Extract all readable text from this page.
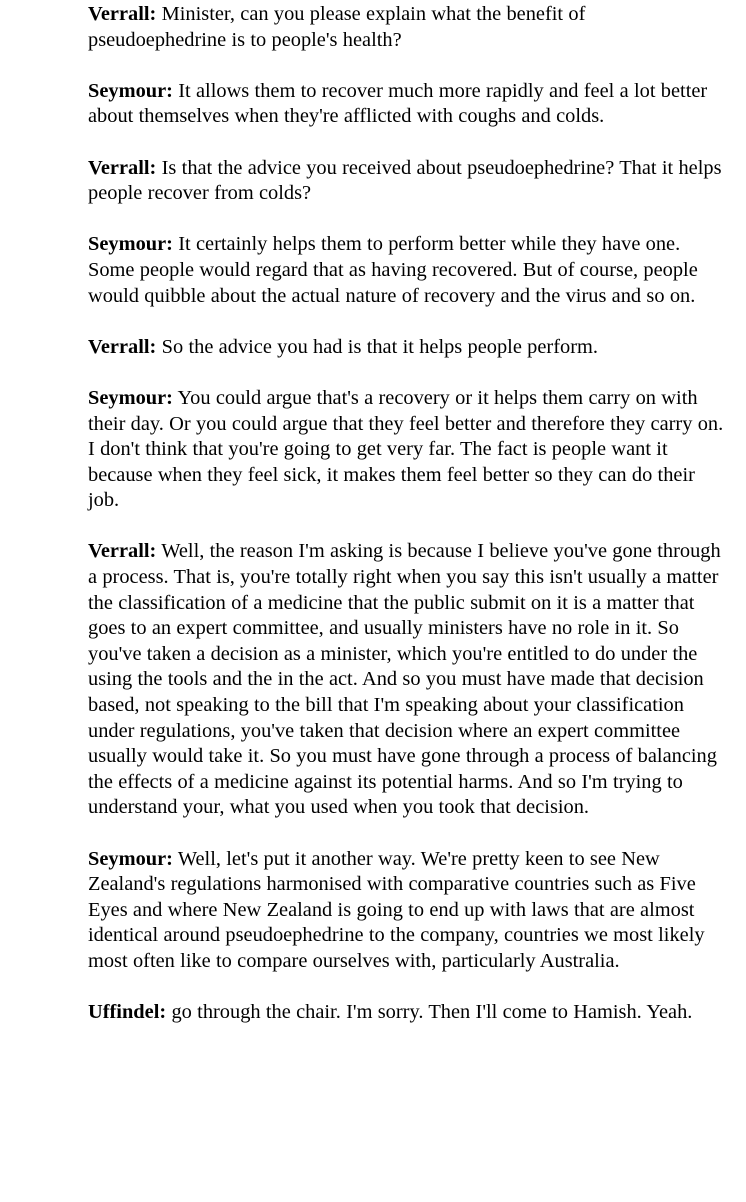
Verrall: Minister, can you please explain what the benefit of pseudoephedrine is to people's health?

Seymour: It allows them to recover much more rapidly and feel a lot better about themselves when they're afflicted with coughs and colds.

Verrall: Is that the advice you received about pseudoephedrine? That it helps people recover from colds?

Seymour: It certainly helps them to perform better while they have one. Some people would regard that as having recovered. But of course, people would quibble about the actual nature of recovery and the virus and so on.

Verrall: So the advice you had is that it helps people perform.

Seymour: You could argue that's a recovery or it helps them carry on with their day. Or you could argue that they feel better and therefore they carry on. I don't think that you're going to get very far. The fact is people want it because when they feel sick, it makes them feel better so they can do their job.

Verrall: Well, the reason I'm asking is because I believe you've gone through a process. That is, you're totally right when you say this isn't usually a matter the classification of a medicine that the public submit on it is a matter that goes to an expert committee, and usually ministers have no role in it. So you've taken a decision as a minister, which you're entitled to do under the using the tools and the in the act. And so you must have made that decision based, not speaking to the bill that I'm speaking about your classification under regulations, you've taken that decision where an expert committee usually would take it. So you must have gone through a process of balancing the effects of a medicine against its potential harms. And so I'm trying to understand your, what you used when you took that decision.

Seymour: Well, let's put it another way. We're pretty keen to see New Zealand's regulations harmonised with comparative countries such as Five Eyes and where New Zealand is going to end up with laws that are almost identical around pseudoephedrine to the company, countries we most likely most often like to compare ourselves with, particularly Australia.

Uffindel: go through the chair. I'm sorry. Then I'll come to Hamish. Yeah.
